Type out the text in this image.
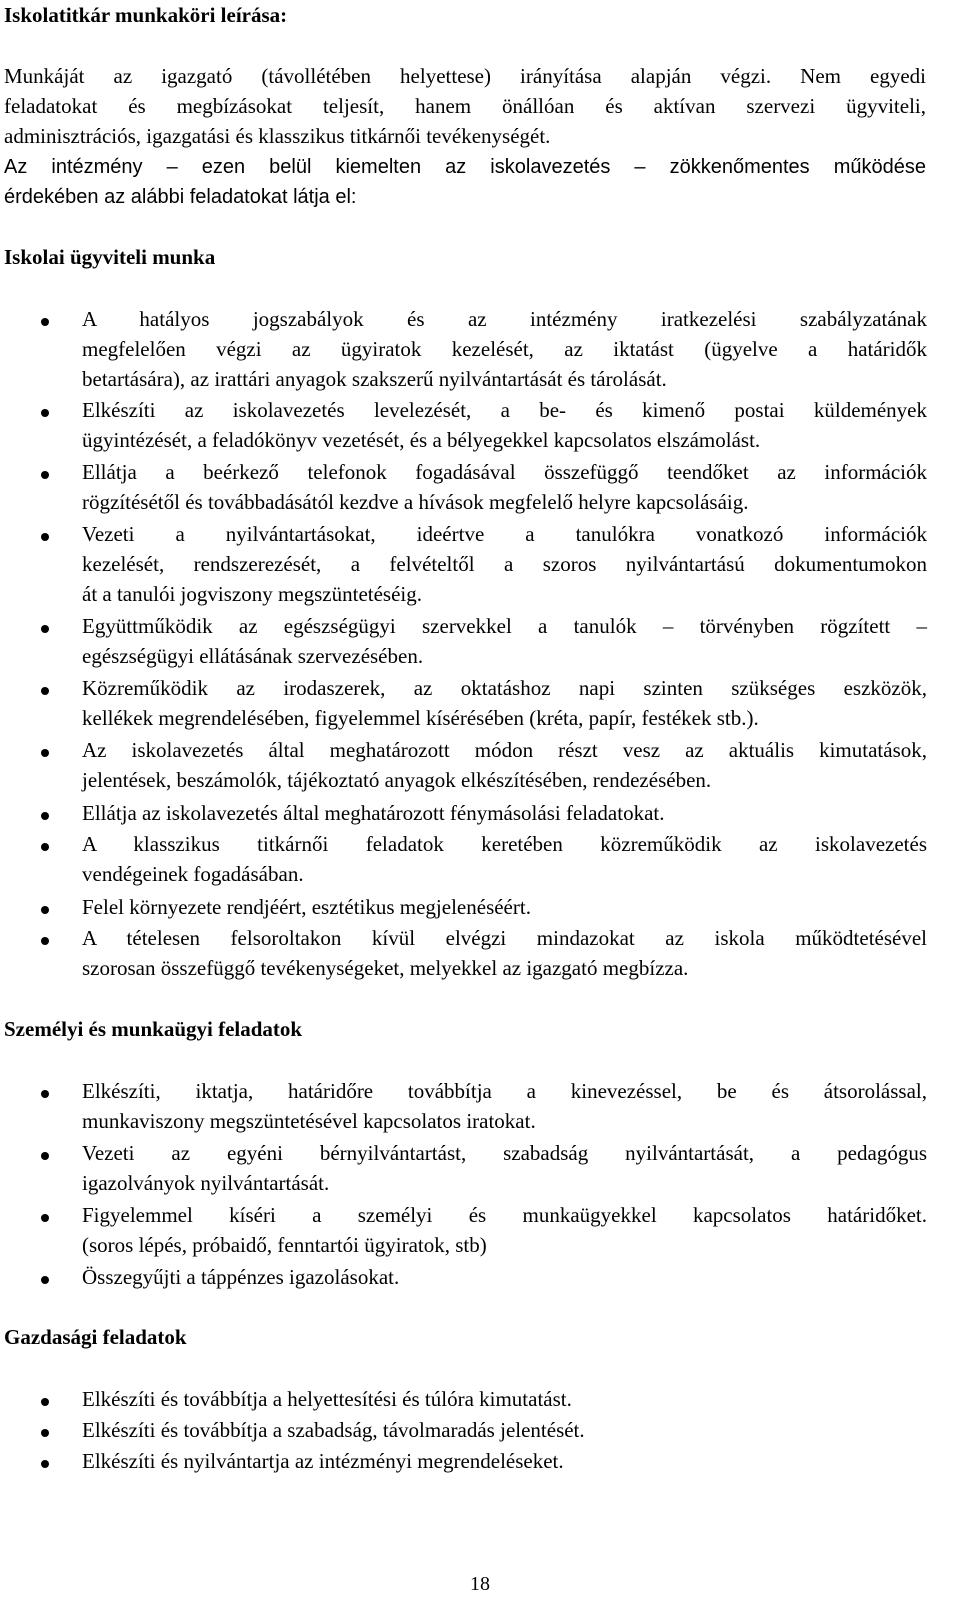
Iskolatitkár munkaköri leírása:
Munkáját az igazgató (távollétében helyettese) irányítása alapján végzi. Nem egyedi
feladatokat és megbízásokat teljesít, hanem önállóan és aktívan szervezi ügyviteli,
adminisztrációs, igazgatási és klasszikus titkárnői tevékenységét.
Az intézmény – ezen belül kiemelten az iskolavezetés – zökkenőmentes működése
érdekében az alábbi feladatokat látja el:
Iskolai ügyviteli munka
A hatályos jogszabályok és az intézmény iratkezelési szabályzatának
megfelelően végzi az ügyiratok kezelését, az iktatást (ügyelve a határidők
betartására), az irattári anyagok szakszerű nyilvántartását és tárolását.
Elkészíti az iskolavezetés levelezését, a be- és kimenő postai küldemények
ügyintézését, a feladókönyv vezetését, és a bélyegekkel kapcsolatos elszámolást.
Ellátja a beérkező telefonok fogadásával összefüggő teendőket az információk
rögzítésétől és továbbadásától kezdve a hívások megfelelő helyre kapcsolásáig.
Vezeti a nyilvántartásokat, ideértve a tanulókra vonatkozó információk
kezelését, rendszerezését, a felvételtől a szoros nyilvántartású dokumentumokon
át a tanulói jogviszony megszüntetéséig.
Együttműködik az egészségügyi szervekkel a tanulók – törvényben rögzített –
egészségügyi ellátásának szervezésében.
Közreműködik az irodaszerek, az oktatáshoz napi szinten szükséges eszközök,
kellékek megrendelésében, figyelemmel kísérésében (kréta, papír, festékek stb.).
Az iskolavezetés által meghatározott módon részt vesz az aktuális kimutatások,
jelentések, beszámolók, tájékoztató anyagok elkészítésében, rendezésében.
Ellátja az iskolavezetés által meghatározott fénymásolási feladatokat.
A klasszikus titkárnői feladatok keretében közreműködik az iskolavezetés
vendégeinek fogadásában.
Felel környezete rendjéért, esztétikus megjelenéséért.
A tételesen felsoroltakon kívül elvégzi mindazokat az iskola működtetésével
szorosan összefüggő tevékenységeket, melyekkel az igazgató megbízza.
Személyi és munkaügyi feladatok
Elkészíti, iktatja, határidőre továbbítja a kinevezéssel, be és átsorolással,
munkaviszony megszüntetésével kapcsolatos iratokat.
Vezeti az egyéni bérnyilvántartást, szabadság nyilvántartását, a pedagógus
igazolványok nyilvántartását.
Figyelemmel kíséri a személyi és munkaügyekkel kapcsolatos határidőket.
(soros lépés, próbaidő, fenntartói ügyiratok, stb)
Összegyűjti a táppénzes igazolásokat.
Gazdasági feladatok
Elkészíti és továbbítja a helyettesítési és túlóra kimutatást.
Elkészíti és továbbítja a szabadság, távolmaradás jelentését.
Elkészíti és nyilvántartja az intézményi megrendeléseket.
18
